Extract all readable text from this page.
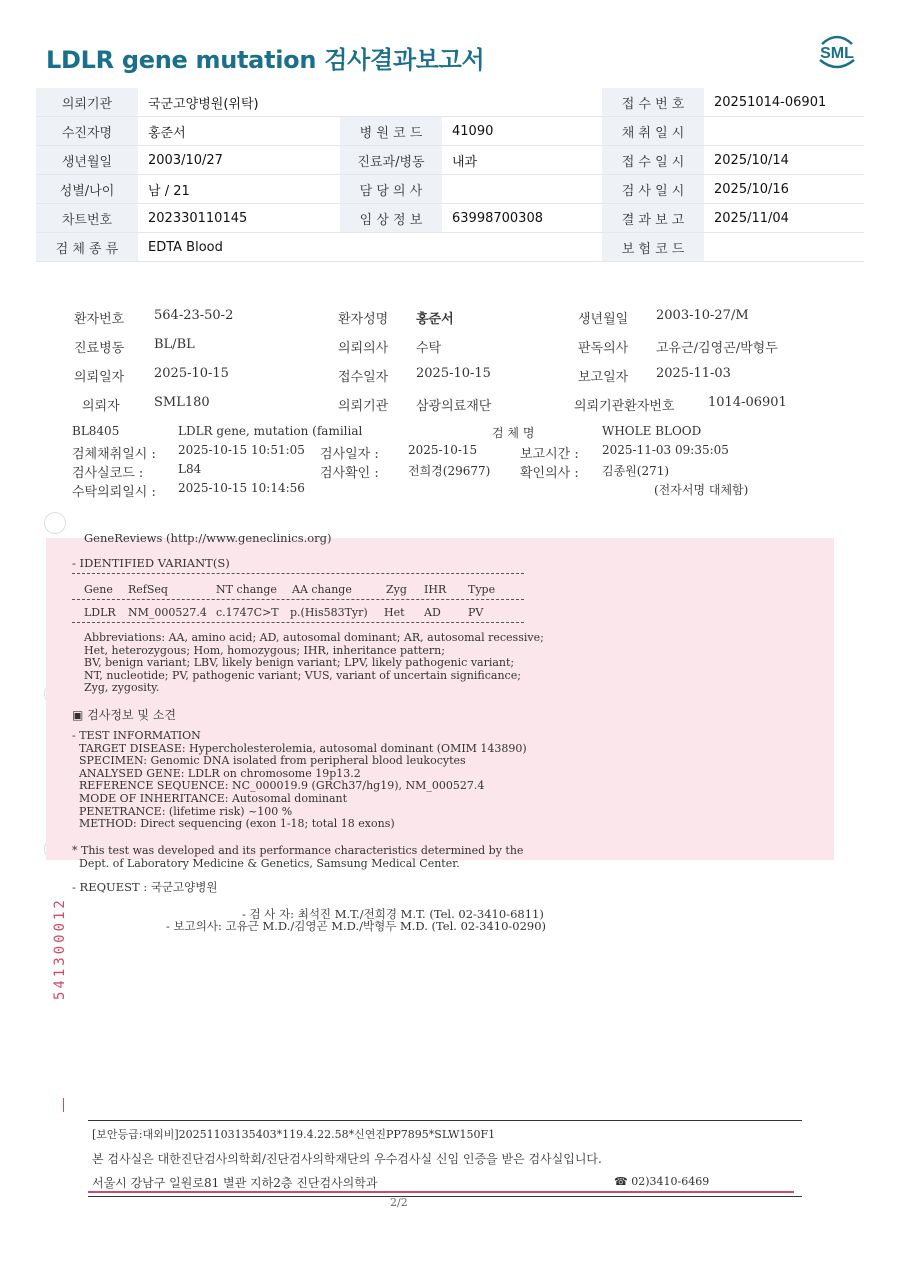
LDLR gene mutation 검사결과보고서	SML
의뢰기관	국군고양병원(위탁)			접 수 번 호	20251014-06901
수진자명	홍준서	병 원 코 드	41090	채 취 일 시	
생년월일	2003/10/27	진료과/병동	내과	접 수 일 시	2025/10/14
성별/나이	남 / 21	담 당 의 사		검 사 일 시	2025/10/16
차트번호	202330110145	임 상 정 보	63998700308	결 과 보 고	2025/11/04
검 체 종 류	EDTA Blood			보 험 코 드	
환자번호 564-23-50-2	환자성명 홍준서	생년월일 2003-10-27/M
진료병동 BL/BL	의뢰의사 수탁	판독의사 고유근/김영곤/박형두
의뢰일자 2025-10-15	접수일자 2025-10-15	보고일자 2025-11-03
의뢰자	SML180	의뢰기관 삼광의료재단	의뢰기관환자번호	1014-06901
BL8405	LDLR gene, mutation (familial	검 체 명	WHOLE BLOOD
검체채취일시 : 2025-10-15 10:51:05 검사일자 : 2025-10-15	보고시간 : 2025-11-03 09:35:05
검사실코드 :	L84	검사확인 : 전희경(29677) 확인의사 : 김종원(271)
수탁의뢰일시 : 2025-10-15 10:14:56	(전자서명 대체함)
GeneReviews (http://www.geneclinics.org)
- IDENTIFIED VARIANT(S)
Gene RefSeq	NT change AA change	Zyg IHR Type
LDLR NM_000527.4 c.1747C>T p.(His583Tyr) Het AD PV
Abbreviations: AA, amino acid; AD, autosomal dominant; AR, autosomal recessive;
Het, heterozygous; Hom, homozygous; IHR, inheritance pattern;
BV, benign variant; LBV, likely benign variant; LPV, likely pathogenic variant;
NT, nucleotide; PV, pathogenic variant; VUS, variant of uncertain significance;
Zyg, zygosity.
▣ 검사정보 및 소견
- TEST INFORMATION
TARGET DISEASE: Hypercholesterolemia, autosomal dominant (OMIM 143890)
SPECIMEN: Genomic DNA isolated from peripheral blood leukocytes
ANALYSED GENE: LDLR on chromosome 19p13.2
REFERENCE SEQUENCE: NC_000019.9 (GRCh37/hg19), NM_000527.4
MODE OF INHERITANCE: Autosomal dominant
PENETRANCE: (lifetime risk) ~100 %
METHOD: Direct sequencing (exon 1-18; total 18 exons)
* This test was developed and its performance characteristics determined by the
Dept. of Laboratory Medicine & Genetics, Samsung Medical Center.
- REQUEST : 국군고양병원
- 검 사 자: 최석진 M.T./전희경 M.T. (Tel. 02-3410-6811)
- 보고의사: 고유근 M.D./김영곤 M.D./박형두 M.D. (Tel. 02-3410-0290)
541300012
[보안등급:대외비]20251103135403*119.4.22.58*신연진PP7895*SLW150F1
본 검사실은 대한진단검사의학회/진단검사의학재단의 우수검사실 신임 인증을 받은 검사실입니다.
서울시 강남구 일원로81 별관 지하2층 진단검사의학과	☎ 02)3410-6469
2/2
